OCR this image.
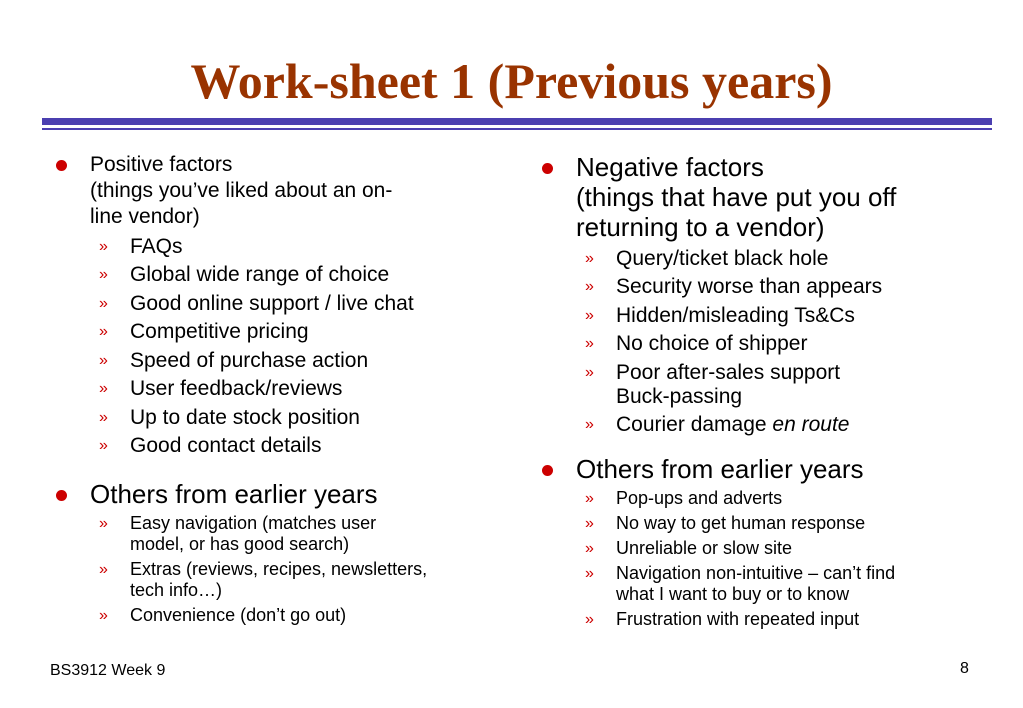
Work-sheet 1 (Previous years)
Positive factors
(things you’ve liked about an on-
line vendor)
» FAQs
» Global wide range of choice
» Good online support / live chat
» Competitive pricing
» Speed of purchase action
» User feedback/reviews
» Up to date stock position
» Good contact details
Others from earlier years
» Easy navigation (matches user
model, or has good search)
» Extras (reviews, recipes, newsletters,
tech info…)
» Convenience (don’t go out)
Negative factors
(things that have put you off
returning to a vendor)
» Query/ticket black hole
» Security worse than appears
» Hidden/misleading Ts&Cs
» No choice of shipper
» Poor after-sales support
Buck-passing
» Courier damage en route
Others from earlier years
» Pop-ups and adverts
» No way to get human response
» Unreliable or slow site
» Navigation non-intuitive – can’t find
what I want to buy or to know
» Frustration with repeated input
BS3912 Week 9	8
